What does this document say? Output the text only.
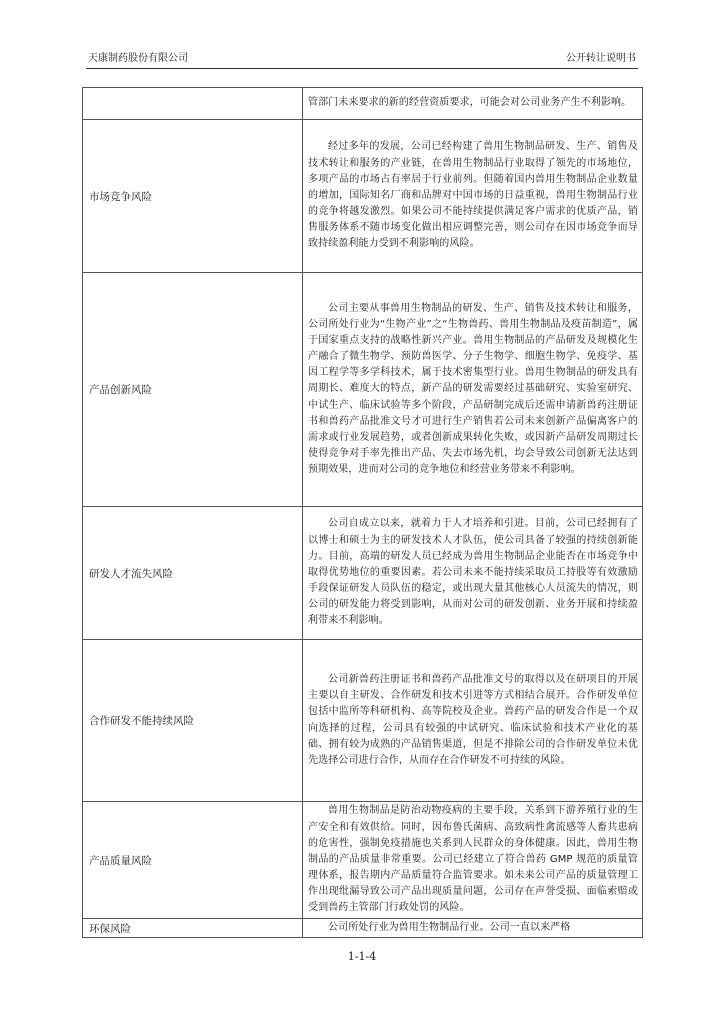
天康制药股份有限公司	公开转让说明书
	管部门未来要求的新的经营资质要求，可能会对公司业务产生不利影响。
市场竞争风险	经过多年的发展，公司已经构建了兽用生物制品研发、生产、销售及技术转让和服务的产业链，在兽用生物制品行业取得了领先的市场地位，多项产品的市场占有率居于行业前列。但随着国内兽用生物制品企业数量的增加，国际知名厂商和品牌对中国市场的日益重视，兽用生物制品行业的竞争将越发激烈。如果公司不能持续提供满足客户需求的优质产品，销售服务体系不随市场变化做出相应调整完善，则公司存在因市场竞争而导致持续盈利能力受到不利影响的风险。
产品创新风险	公司主要从事兽用生物制品的研发、生产、销售及技术转让和服务，公司所处行业为“生物产业”之“生物兽药、兽用生物制品及疫苗制造”，属于国家重点支持的战略性新兴产业。兽用生物制品的产品研发及规模化生产融合了微生物学、预防兽医学、分子生物学、细胞生物学、免疫学、基因工程学等多学科技术，属于技术密集型行业。兽用生物制品的研发具有周期长、难度大的特点，新产品的研发需要经过基础研究、实验室研究、中试生产、临床试验等多个阶段，产品研制完成后还需申请新兽药注册证书和兽药产品批准文号才可进行生产销售若公司未来创新产品偏离客户的需求或行业发展趋势，或者创新成果转化失败，或因新产品研发周期过长使得竞争对手率先推出产品、失去市场先机，均会导致公司创新无法达到预期效果，进而对公司的竞争地位和经营业务带来不利影响。
研发人才流失风险	公司自成立以来，就着力于人才培养和引进。目前，公司已经拥有了以博士和硕士为主的研发技术人才队伍，使公司具备了较强的持续创新能力。目前，高端的研发人员已经成为兽用生物制品企业能否在市场竞争中取得优势地位的重要因素。若公司未来不能持续采取员工持股等有效激励手段保证研发人员队伍的稳定，或出现大量其他核心人员流失的情况，则公司的研发能力将受到影响，从而对公司的研发创新、业务开展和持续盈利带来不利影响。
合作研发不能持续风险	公司新兽药注册证书和兽药产品批准文号的取得以及在研项目的开展主要以自主研发、合作研发和技术引进等方式相结合展开。合作研发单位包括中监所等科研机构、高等院校及企业。兽药产品的研发合作是一个双向选择的过程，公司具有较强的中试研究、临床试验和技术产业化的基础、拥有较为成熟的产品销售渠道，但是不排除公司的合作研发单位未优先选择公司进行合作，从而存在合作研发不可持续的风险。
产品质量风险	兽用生物制品是防治动物疫病的主要手段，关系到下游养殖行业的生产安全和有效供给。同时，因布鲁氏菌病、高致病性禽流感等人畜共患病的危害性，强制免疫措施也关系到人民群众的身体健康。因此，兽用生物制品的产品质量非常重要。公司已经建立了符合兽药 GMP 规范的质量管理体系，报告期内产品质量符合监管要求。如未来公司产品的质量管理工作出现纰漏导致公司产品出现质量问题，公司存在声誉受损、面临索赔或受到兽药主管部门行政处罚的风险。
环保风险	公司所处行业为兽用生物制品行业。公司一直以来严格
1-1-4
